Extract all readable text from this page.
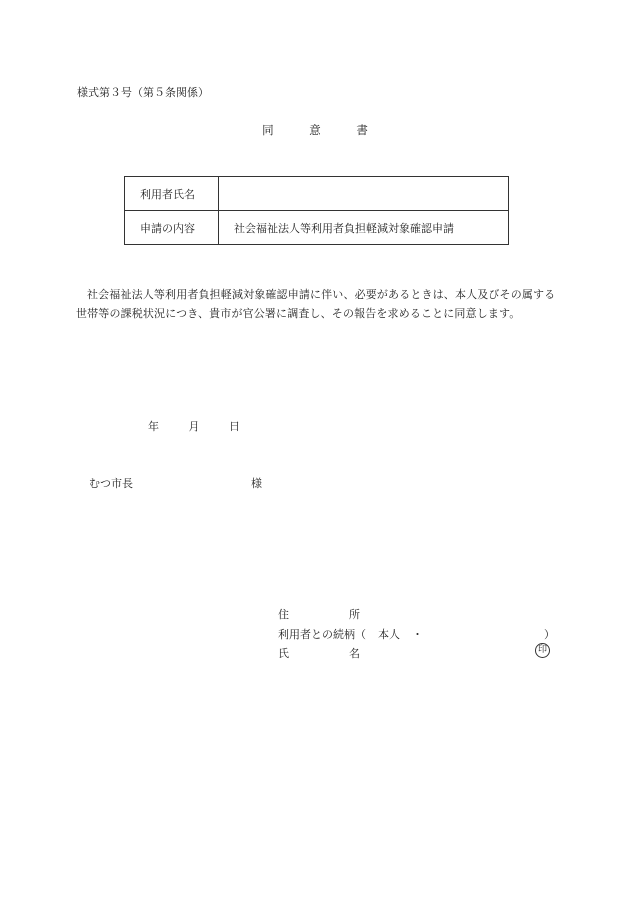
様式第３号（第５条関係）
同	意	書
利用者氏名	
申請の内容	社会福祉法人等利用者負担軽減対象確認申請
社会福祉法人等利用者負担軽減対象確認申請に伴い、必要があるときは、本人及びその属する世帯等の課税状況につき、貴市が官公署に調査し、その報告を求めることに同意します。
年	月	日
むつ市長	様
住	所
利用者との続柄（ 本人 ・	）
氏	名	印
